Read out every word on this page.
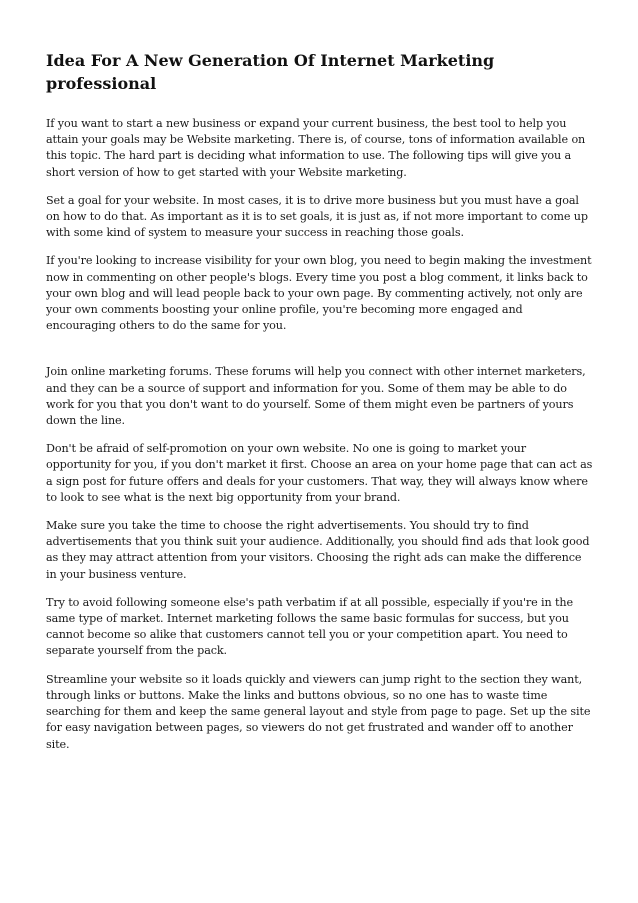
Idea For A New Generation Of Internet Marketing professional

If you want to start a new business or expand your current business, the best tool to help you attain your goals may be Website marketing. There is, of course, tons of information available on this topic. The hard part is deciding what information to use. The following tips will give you a short version of how to get started with your Website marketing.

Set a goal for your website. In most cases, it is to drive more business but you must have a goal on how to do that. As important as it is to set goals, it is just as, if not more important to come up with some kind of system to measure your success in reaching those goals.

If you're looking to increase visibility for your own blog, you need to begin making the investment now in commenting on other people's blogs. Every time you post a blog comment, it links back to your own blog and will lead people back to your own page. By commenting actively, not only are your own comments boosting your online profile, you're becoming more engaged and encouraging others to do the same for you.

Join online marketing forums. These forums will help you connect with other internet marketers, and they can be a source of support and information for you. Some of them may be able to do work for you that you don't want to do yourself. Some of them might even be partners of yours down the line.

Don't be afraid of self-promotion on your own website. No one is going to market your opportunity for you, if you don't market it first. Choose an area on your home page that can act as a sign post for future offers and deals for your customers. That way, they will always know where to look to see what is the next big opportunity from your brand.

Make sure you take the time to choose the right advertisements. You should try to find advertisements that you think suit your audience. Additionally, you should find ads that look good as they may attract attention from your visitors. Choosing the right ads can make the difference in your business venture.

Try to avoid following someone else's path verbatim if at all possible, especially if you're in the same type of market. Internet marketing follows the same basic formulas for success, but you cannot become so alike that customers cannot tell you or your competition apart. You need to separate yourself from the pack.

Streamline your website so it loads quickly and viewers can jump right to the section they want, through links or buttons. Make the links and buttons obvious, so no one has to waste time searching for them and keep the same general layout and style from page to page. Set up the site for easy navigation between pages, so viewers do not get frustrated and wander off to another site.
